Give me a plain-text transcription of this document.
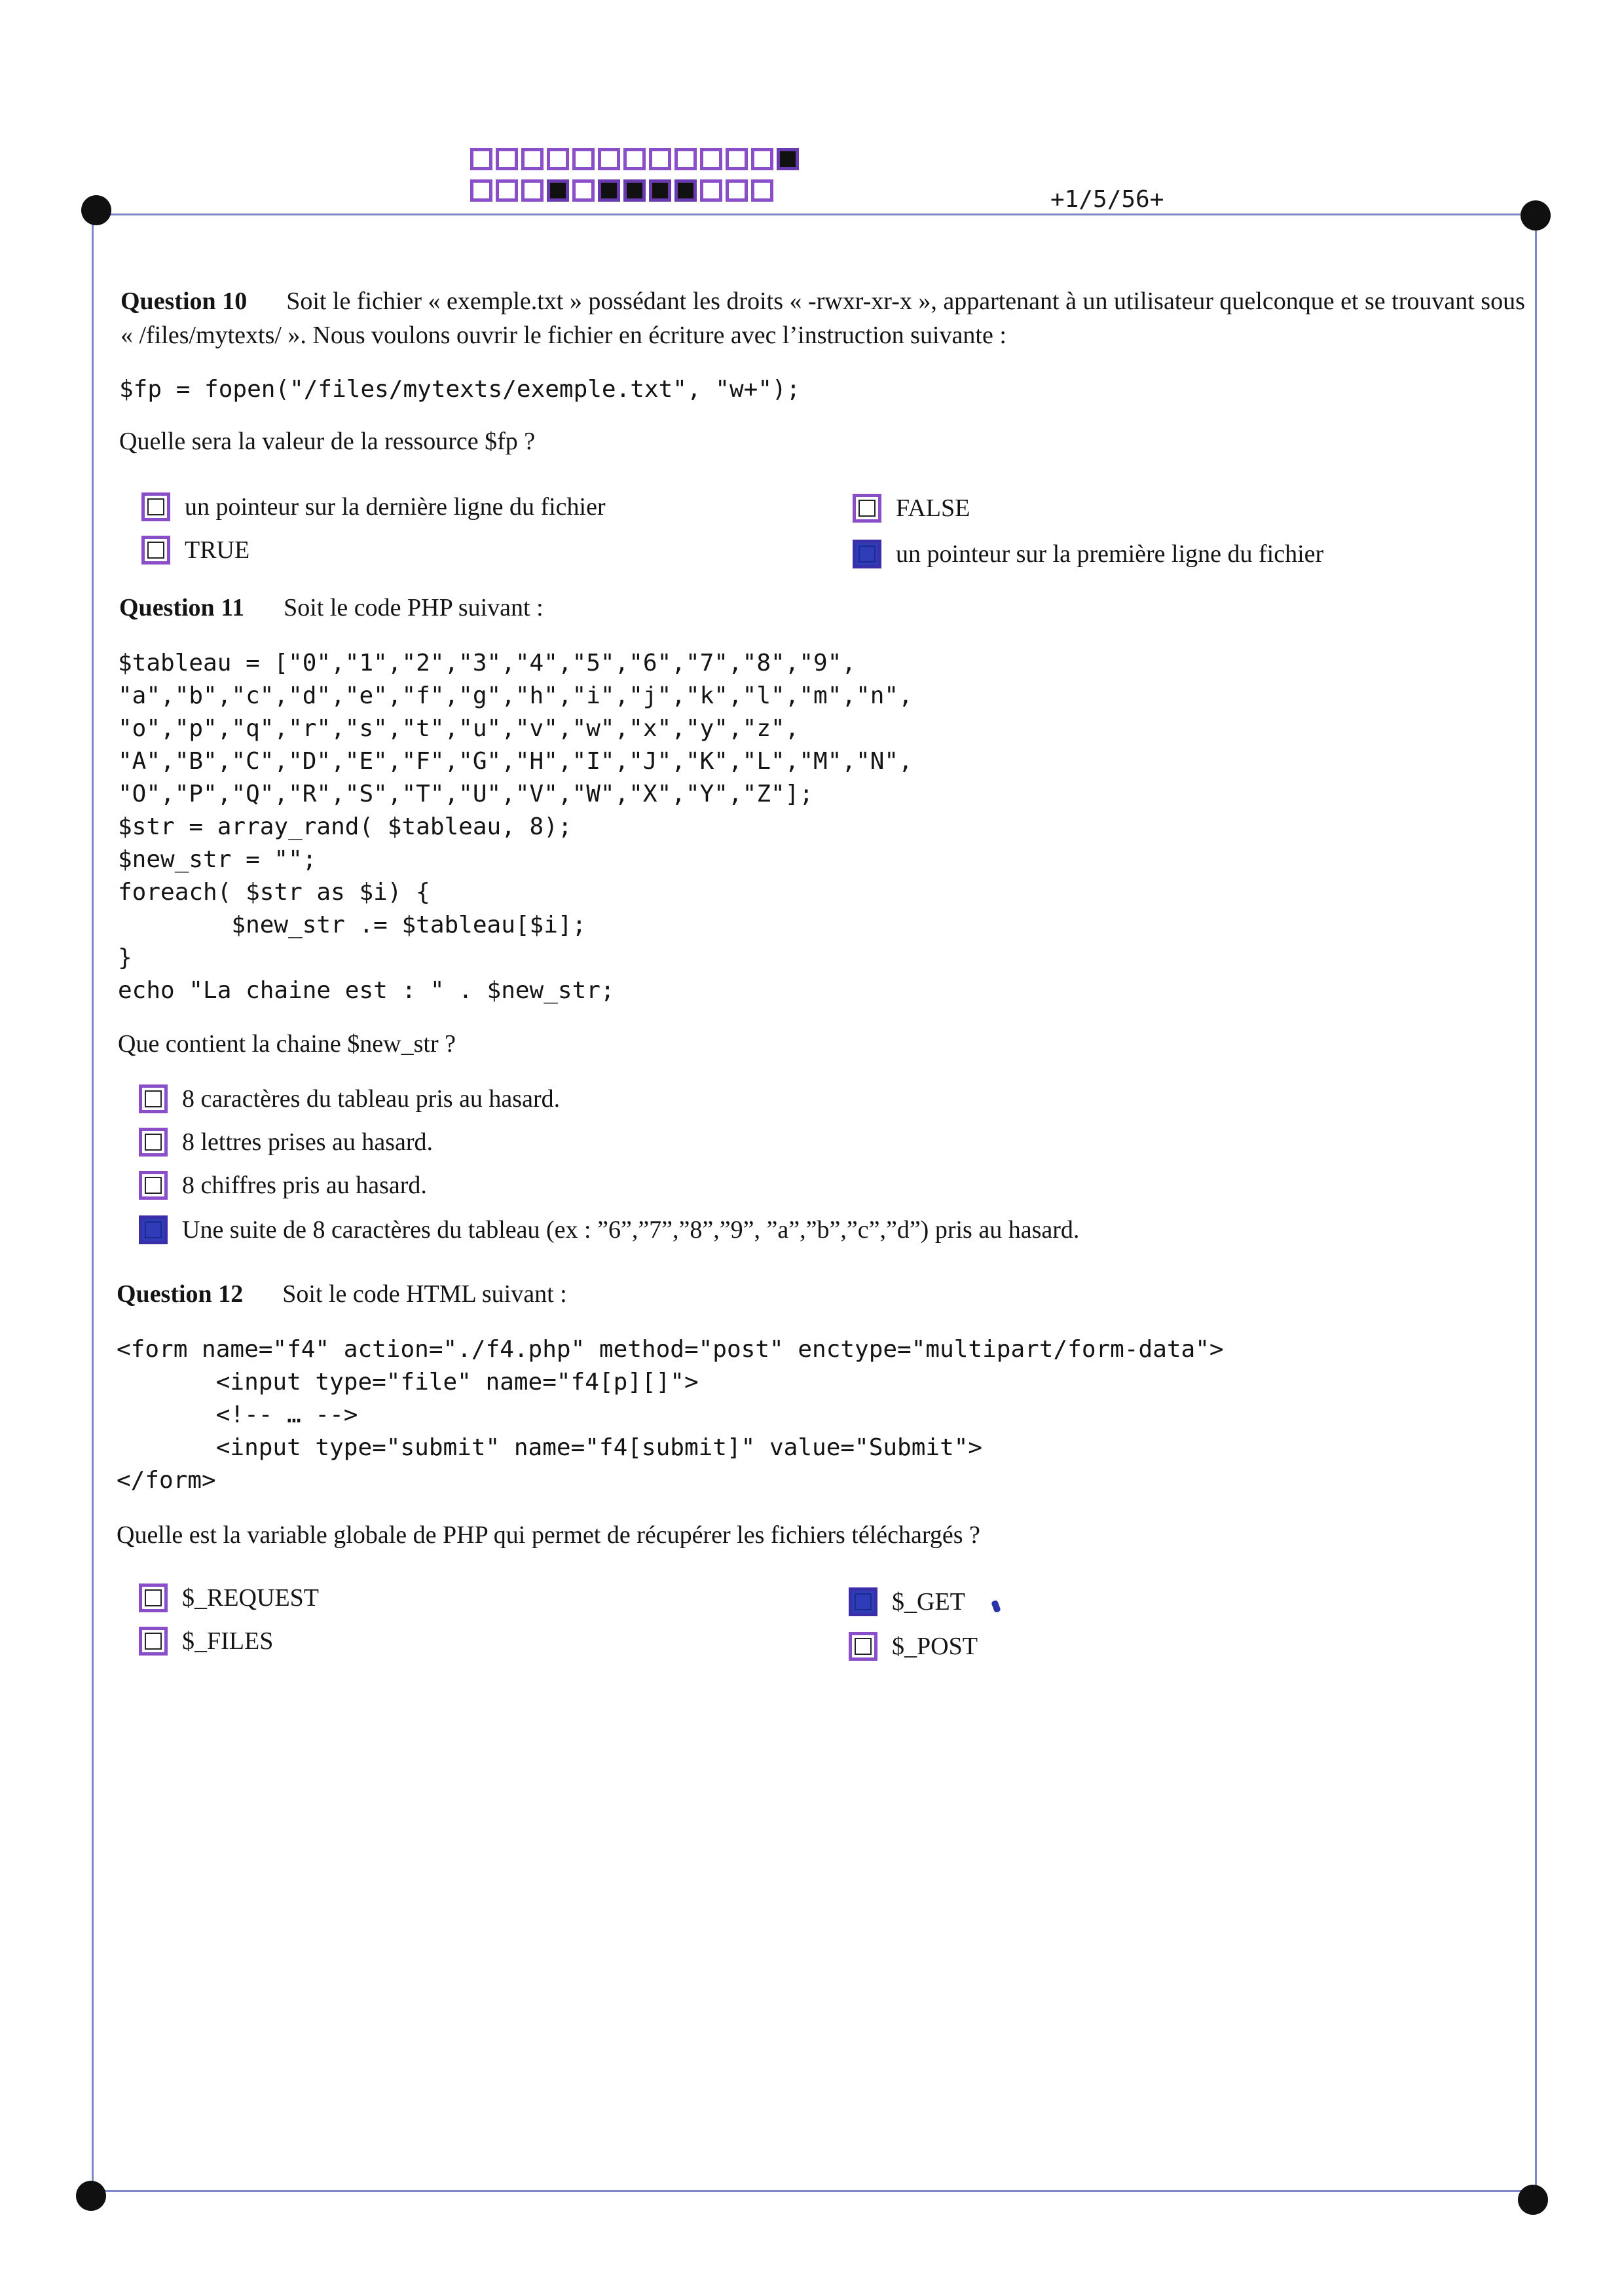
+1/5/56+
Question 10 Soit le fichier « exemple.txt » possédant les droits « -rwxr-xr-x », appartenant à un utilisateur quelconque et se trouvant sous « /files/mytexts/ ». Nous voulons ouvrir le fichier en écriture avec l’instruction suivante :
$fp = fopen("/files/mytexts/exemple.txt", "w+");
Quelle sera la valeur de la ressource $fp ?
un pointeur sur la dernière ligne du fichier
TRUE
FALSE
un pointeur sur la première ligne du fichier
Question 11 Soit le code PHP suivant :
$tableau = ["0","1","2","3","4","5","6","7","8","9",
"a","b","c","d","e","f","g","h","i","j","k","l","m","n",
"o","p","q","r","s","t","u","v","w","x","y","z",
"A","B","C","D","E","F","G","H","I","J","K","L","M","N",
"O","P","Q","R","S","T","U","V","W","X","Y","Z"];
$str = array_rand( $tableau, 8);
$new_str = "";
foreach( $str as $i) {
$new_str .= $tableau[$i];
}
echo "La chaine est : " . $new_str;
Que contient la chaine $new_str ?
8 caractères du tableau pris au hasard.
8 lettres prises au hasard.
8 chiffres pris au hasard.
Une suite de 8 caractères du tableau (ex : ”6”,”7”,”8”,”9”, ”a”,”b”,”c”,”d”) pris au hasard.
Question 12 Soit le code HTML suivant :
<form name="f4" action="./f4.php" method="post" enctype="multipart/form-data">
<input type="file" name="f4[p][]">
<!-- … -->
<input type="submit" name="f4[submit]" value="Submit">
</form>
Quelle est la variable globale de PHP qui permet de récupérer les fichiers téléchargés ?
$_REQUEST
$_FILES
$_GET
$_POST
